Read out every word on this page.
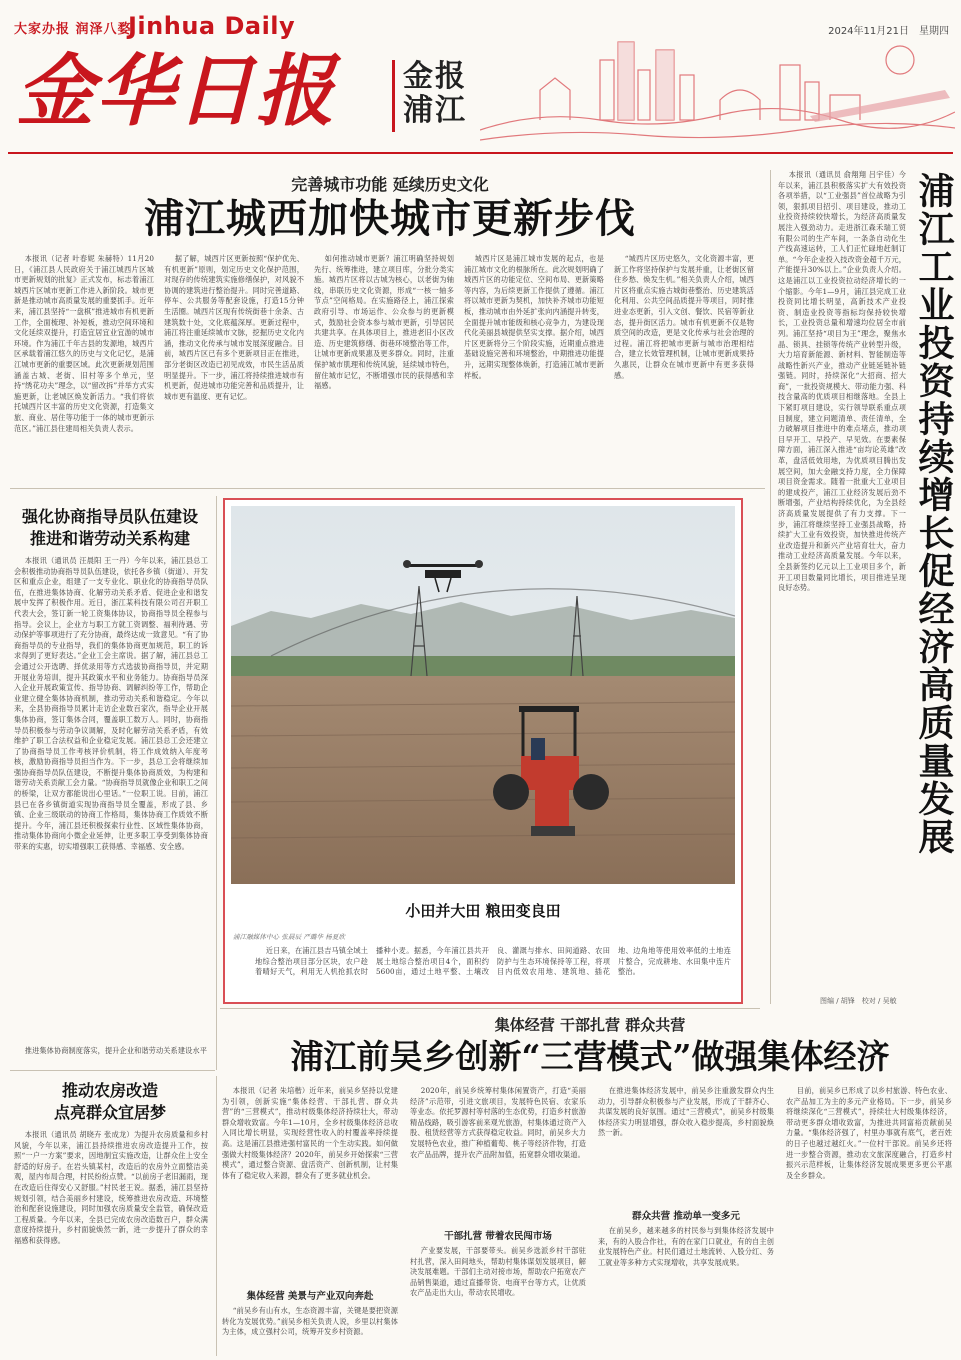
大家办报 润泽八婺
Jinhua Daily
金华日报 金报
浦江
2024年11月21日　星期四
完善城市功能 延续历史文化
浦江城西加快城市更新步伐
本报讯（记者 叶春妮 朱赫特）11月20日，《浦江县人民政府关于浦江城西片区城市更新规划的批复》正式发布，标志着浦江城西片区城市更新工作进入新阶段。城市更新是推动城市高质量发展的重要抓手。近年来，浦江县坚持“一盘棋”推进城市有机更新工作，全面梳理、补短板，推动空间环境和文化延续双提升，打造宜居宜业宜游的城市环境。作为浦江千年古县的发源地，城西片区承载着浦江悠久的历史与文化记忆，是浦江城市更新的重要区域。此次更新规划范围涵盖古城、老街、旧村等多个单元，坚持“绣花功夫”理念，以“留改拆”并举方式实施更新，让老城区焕发新活力。“我们将依托城西片区丰富的历史文化资源，打造集文旅、商业、居住等功能于一体的城市更新示范区。”浦江县住建局相关负责人表示。
据了解，城西片区更新按照“保护优先、有机更新”原则，划定历史文化保护范围，对现存的传统建筑实施修缮保护，对风貌不协调的建筑进行整治提升。同时完善道路、停车、公共服务等配套设施，打造15分钟生活圈。城西片区现有传统街巷十余条、古建筑数十处，文化底蕴深厚。更新过程中，浦江将注重延续城市文脉，挖掘历史文化内涵，推动文化传承与城市发展深度融合。目前，城西片区已有多个更新项目正在推进，部分老街区改造已初见成效，市民生活品质明显提升。下一步，浦江将持续推进城市有机更新，促进城市功能完善和品质提升，让城市更有温度、更有记忆。
如何推动城市更新？浦江明确坚持规划先行、统筹推进，建立项目库，分批分类实施。城西片区将以古城为核心，以老街为轴线，串联历史文化资源，形成“一核一轴多节点”空间格局。在实施路径上，浦江探索政府引导、市场运作、公众参与的更新模式，鼓励社会资本参与城市更新，引导居民共建共享。在具体项目上，推进老旧小区改造、历史建筑修缮、街巷环境整治等工作，让城市更新成果惠及更多群众。同时，注重保护城市肌理和传统风貌，延续城市特色，留住城市记忆，不断增强市民的获得感和幸福感。
城西片区是浦江城市发展的起点，也是浦江城市文化的根脉所在。此次规划明确了城西片区的功能定位、空间布局、更新策略等内容，为后续更新工作提供了遵循。浦江将以城市更新为契机，加快补齐城市功能短板，推动城市由外延扩张向内涵提升转变，全面提升城市能级和核心竞争力，为建设现代化美丽县城提供坚实支撑。据介绍，城西片区更新将分三个阶段实施，近期重点推进基础设施完善和环境整治，中期推进功能提升，远期实现整体焕新，打造浦江城市更新样板。
“城西片区历史悠久，文化资源丰富，更新工作将坚持保护与发展并重，让老街区留住乡愁、焕发生机。”相关负责人介绍，城西片区将重点实施古城街巷整治、历史建筑活化利用、公共空间品质提升等项目，同时推进业态更新，引入文创、餐饮、民宿等新业态，提升街区活力。城市有机更新不仅是物质空间的改造，更是文化传承与社会治理的过程。浦江将把城市更新与城市治理相结合，建立长效管理机制，让城市更新成果持久惠民，让群众在城市更新中有更多获得感。
本报讯（通讯员 俞翔翔 吕宇佳）今年以来，浦江县积极落实扩大有效投资各项举措，以“工业强县”首位战略为引领，狠抓项目招引、项目建设，推动工业投资持续较快增长，为经济高质量发展注入强劲动力。走进浙江森禾瑞工贸有限公司的生产车间，一条条自动化生产线高速运转，工人们正忙碌地赶制订单。“今年企业投入技改资金超千万元，产能提升30%以上。”企业负责人介绍。这是浦江以工业投资拉动经济增长的一个缩影。今年1—9月，浦江县完成工业投资同比增长明显，高新技术产业投资、制造业投资等指标均保持较快增长，工业投资总量和增速均位居全市前列。浦江坚持“项目为王”理念，聚焦水晶、锁具、挂锁等传统产业转型升级，大力培育新能源、新材料、智能制造等战略性新兴产业，推动产业链延链补链强链。同时，持续深化“大招商、招大商”，一批投资规模大、带动能力强、科技含量高的优质项目相继落地。全县上下紧盯项目建设，实行领导联系重点项目制度，建立问题清单、责任清单，全力破解项目推进中的难点堵点，推动项目早开工、早投产、早见效。在要素保障方面，浦江深入推进“亩均论英雄”改革，盘活低效用地，为优质项目腾出发展空间，加大金融支持力度，全力保障项目资金需求。随着一批重大工业项目的建成投产，浦江工业经济发展后劲不断增强，产业结构持续优化，为全县经济高质量发展提供了有力支撑。下一步，浦江将继续坚持工业强县战略，持续扩大工业有效投资，加快推进传统产业改造提升和新兴产业培育壮大，奋力推动工业经济高质量发展。今年以来，全县新签约亿元以上工业项目多个，新开工项目数量同比增长，项目推进呈现良好态势。	浦江工业投资持续增长促经济高质量发展
图编 / 胡锋　校对 / 吴敏
强化协商指导员队伍建设
推进和谐劳动关系构建
本报讯（通讯员 汪晨阳 王一丹）今年以来，浦江县总工会积极推动协商指导员队伍建设，依托各乡镇（街道）、开发区和重点企业，组建了一支专业化、职业化的协商指导员队伍，在推进集体协商、化解劳动关系矛盾、促进企业和谐发展中发挥了积极作用。近日，浙江某科技有限公司召开职工代表大会，签订新一轮工资集体协议，协商指导员全程参与指导。会议上，企业方与职工方就工资调整、福利待遇、劳动保护等事项进行了充分协商，最终达成一致意见。“有了协商指导员的专业指导，我们的集体协商更加规范，职工的诉求得到了更好表达。”企业工会主席说。据了解，浦江县总工会通过公开选聘、择优录用等方式选拔协商指导员，并定期开展业务培训，提升其政策水平和业务能力。协商指导员深入企业开展政策宣传、指导协商、调解纠纷等工作，帮助企业建立健全集体协商机制，推动劳动关系和谐稳定。今年以来，全县协商指导员累计走访企业数百家次，指导企业开展集体协商，签订集体合同，覆盖职工数万人。同时，协商指导员积极参与劳动争议调解，及时化解劳动关系矛盾，有效维护了职工合法权益和企业稳定发展。浦江县总工会还建立了协商指导员工作考核评价机制，将工作成效纳入年度考核，激励协商指导员担当作为。下一步，县总工会将继续加强协商指导员队伍建设，不断提升集体协商质效，为构建和谐劳动关系贡献工会力量。“协商指导员就像企业和职工之间的桥梁，让双方都能说出心里话。”一位职工说。目前，浦江县已在各乡镇街道实现协商指导员全覆盖，形成了县、乡镇、企业三级联动的协商工作格局，集体协商工作质效不断提升。今年，浦江县还积极探索行业性、区域性集体协商，推动集体协商向小微企业延伸，让更多职工享受到集体协商带来的实惠，切实增强职工获得感、幸福感、安全感。
推进集体协商制度落实，提升企业和谐劳动关系建设水平
小田并大田 粮田变良田
浦江融媒体中心 张晨辰 严璐华 杨夏欣
近日来，在浦江县吉马镇全域土地综合整治项目部分区块，农户趁着晴好天气，利用无人机抢抓农时播种小麦。据悉，今年浦江县共开展土地综合整治项目4个，面积约5600亩，通过土地平整、土壤改良、灌溉与排水、田间道路、农田防护与生态环境保持等工程，将项目内低效农用地、建筑地、插花地、边角地等使用效率低的土地连片整合，完成耕地、水田集中连片整治。
推动农房改造
点亮群众宜居梦
本报讯（通讯员 胡晓卉 张成龙）为提升农房质量和乡村风貌，今年以来，浦江县持续推进农房改造提升工作，按照“一户一方案”要求，因地制宜实施改造，让群众住上安全舒适的好房子。在岩头镇某村，改造后的农房外立面整洁美观，屋内布局合理，村民纷纷点赞。“以前房子老旧漏雨，现在改造后住得安心又舒服。”村民老王说。据悉，浦江县坚持规划引领，结合美丽乡村建设，统筹推进农房改造、环境整治和配套设施建设，同时加强农房质量安全监管，确保改造工程质量。今年以来，全县已完成农房改造数百户，群众满意度持续提升，乡村面貌焕然一新，进一步提升了群众的幸福感和获得感。
集体经营 干部扎营 群众共营
浦江前吴乡创新“三营模式”做强集体经济
本报讯（记者 朱培楷）近年来，前吴乡坚持以党建为引领，创新实施“集体经营、干部扎营、群众共营”的“三营模式”，推动村级集体经济持续壮大，带动群众增收致富。今年1—10月，全乡村级集体经济总收入同比增长明显，实现经营性收入的村覆盖率持续提高。这是浦江县推进强村富民的一个生动实践。如何做强做大村级集体经济？2020年，前吴乡开始探索“三营模式”，通过整合资源、盘活资产、创新机制，让村集体有了稳定收入来源，群众有了更多就业机会。
集体经营 美景与产业双向奔赴
“前吴乡有山有水，生态资源丰富，关键是要把资源转化为发展优势。”前吴乡相关负责人说，乡里以村集体为主体，成立强村公司，统筹开发乡村资源。
2020年，前吴乡统筹村集体闲置资产，打造“美丽经济”示范带，引进文旅项目，发展特色民宿、农家乐等业态。依托罗源村等村落的生态优势，打造乡村旅游精品线路，吸引游客前来观光旅游，村集体通过资产入股、租赁经营等方式获得稳定收益。同时，前吴乡大力发展特色农业，推广种植葡萄、桃子等经济作物，打造农产品品牌，提升农产品附加值，拓宽群众增收渠道。
干部扎营 带着农民闯市场
产业要发展，干部要带头。前吴乡选派乡村干部驻村扎营，深入田间地头，帮助村集体谋划发展项目，解决发展难题。干部们主动对接市场，帮助农户拓宽农产品销售渠道，通过直播带货、电商平台等方式，让优质农产品走出大山，带动农民增收。
在推进集体经济发展中，前吴乡注重激发群众内生动力，引导群众积极参与产业发展，形成了干群齐心、共谋发展的良好氛围。通过“三营模式”，前吴乡村级集体经济实力明显增强，群众收入稳步提高，乡村面貌焕然一新。
群众共营 推动单一变多元
在前吴乡，越来越多的村民参与到集体经济发展中来，有的入股合作社，有的在家门口就业，有的自主创业发展特色产业。村民们通过土地流转、入股分红、务工就业等多种方式实现增收，共享发展成果。
目前，前吴乡已形成了以乡村旅游、特色农业、农产品加工为主的多元产业格局。下一步，前吴乡将继续深化“三营模式”，持续壮大村级集体经济，带动更多群众增收致富，为推进共同富裕贡献前吴力量。“集体经济强了，村里办事就有底气，老百姓的日子也越过越红火。”一位村干部说。前吴乡还将进一步整合资源，推动农文旅深度融合，打造乡村振兴示范样板，让集体经济发展成果更多更公平惠及全乡群众。
